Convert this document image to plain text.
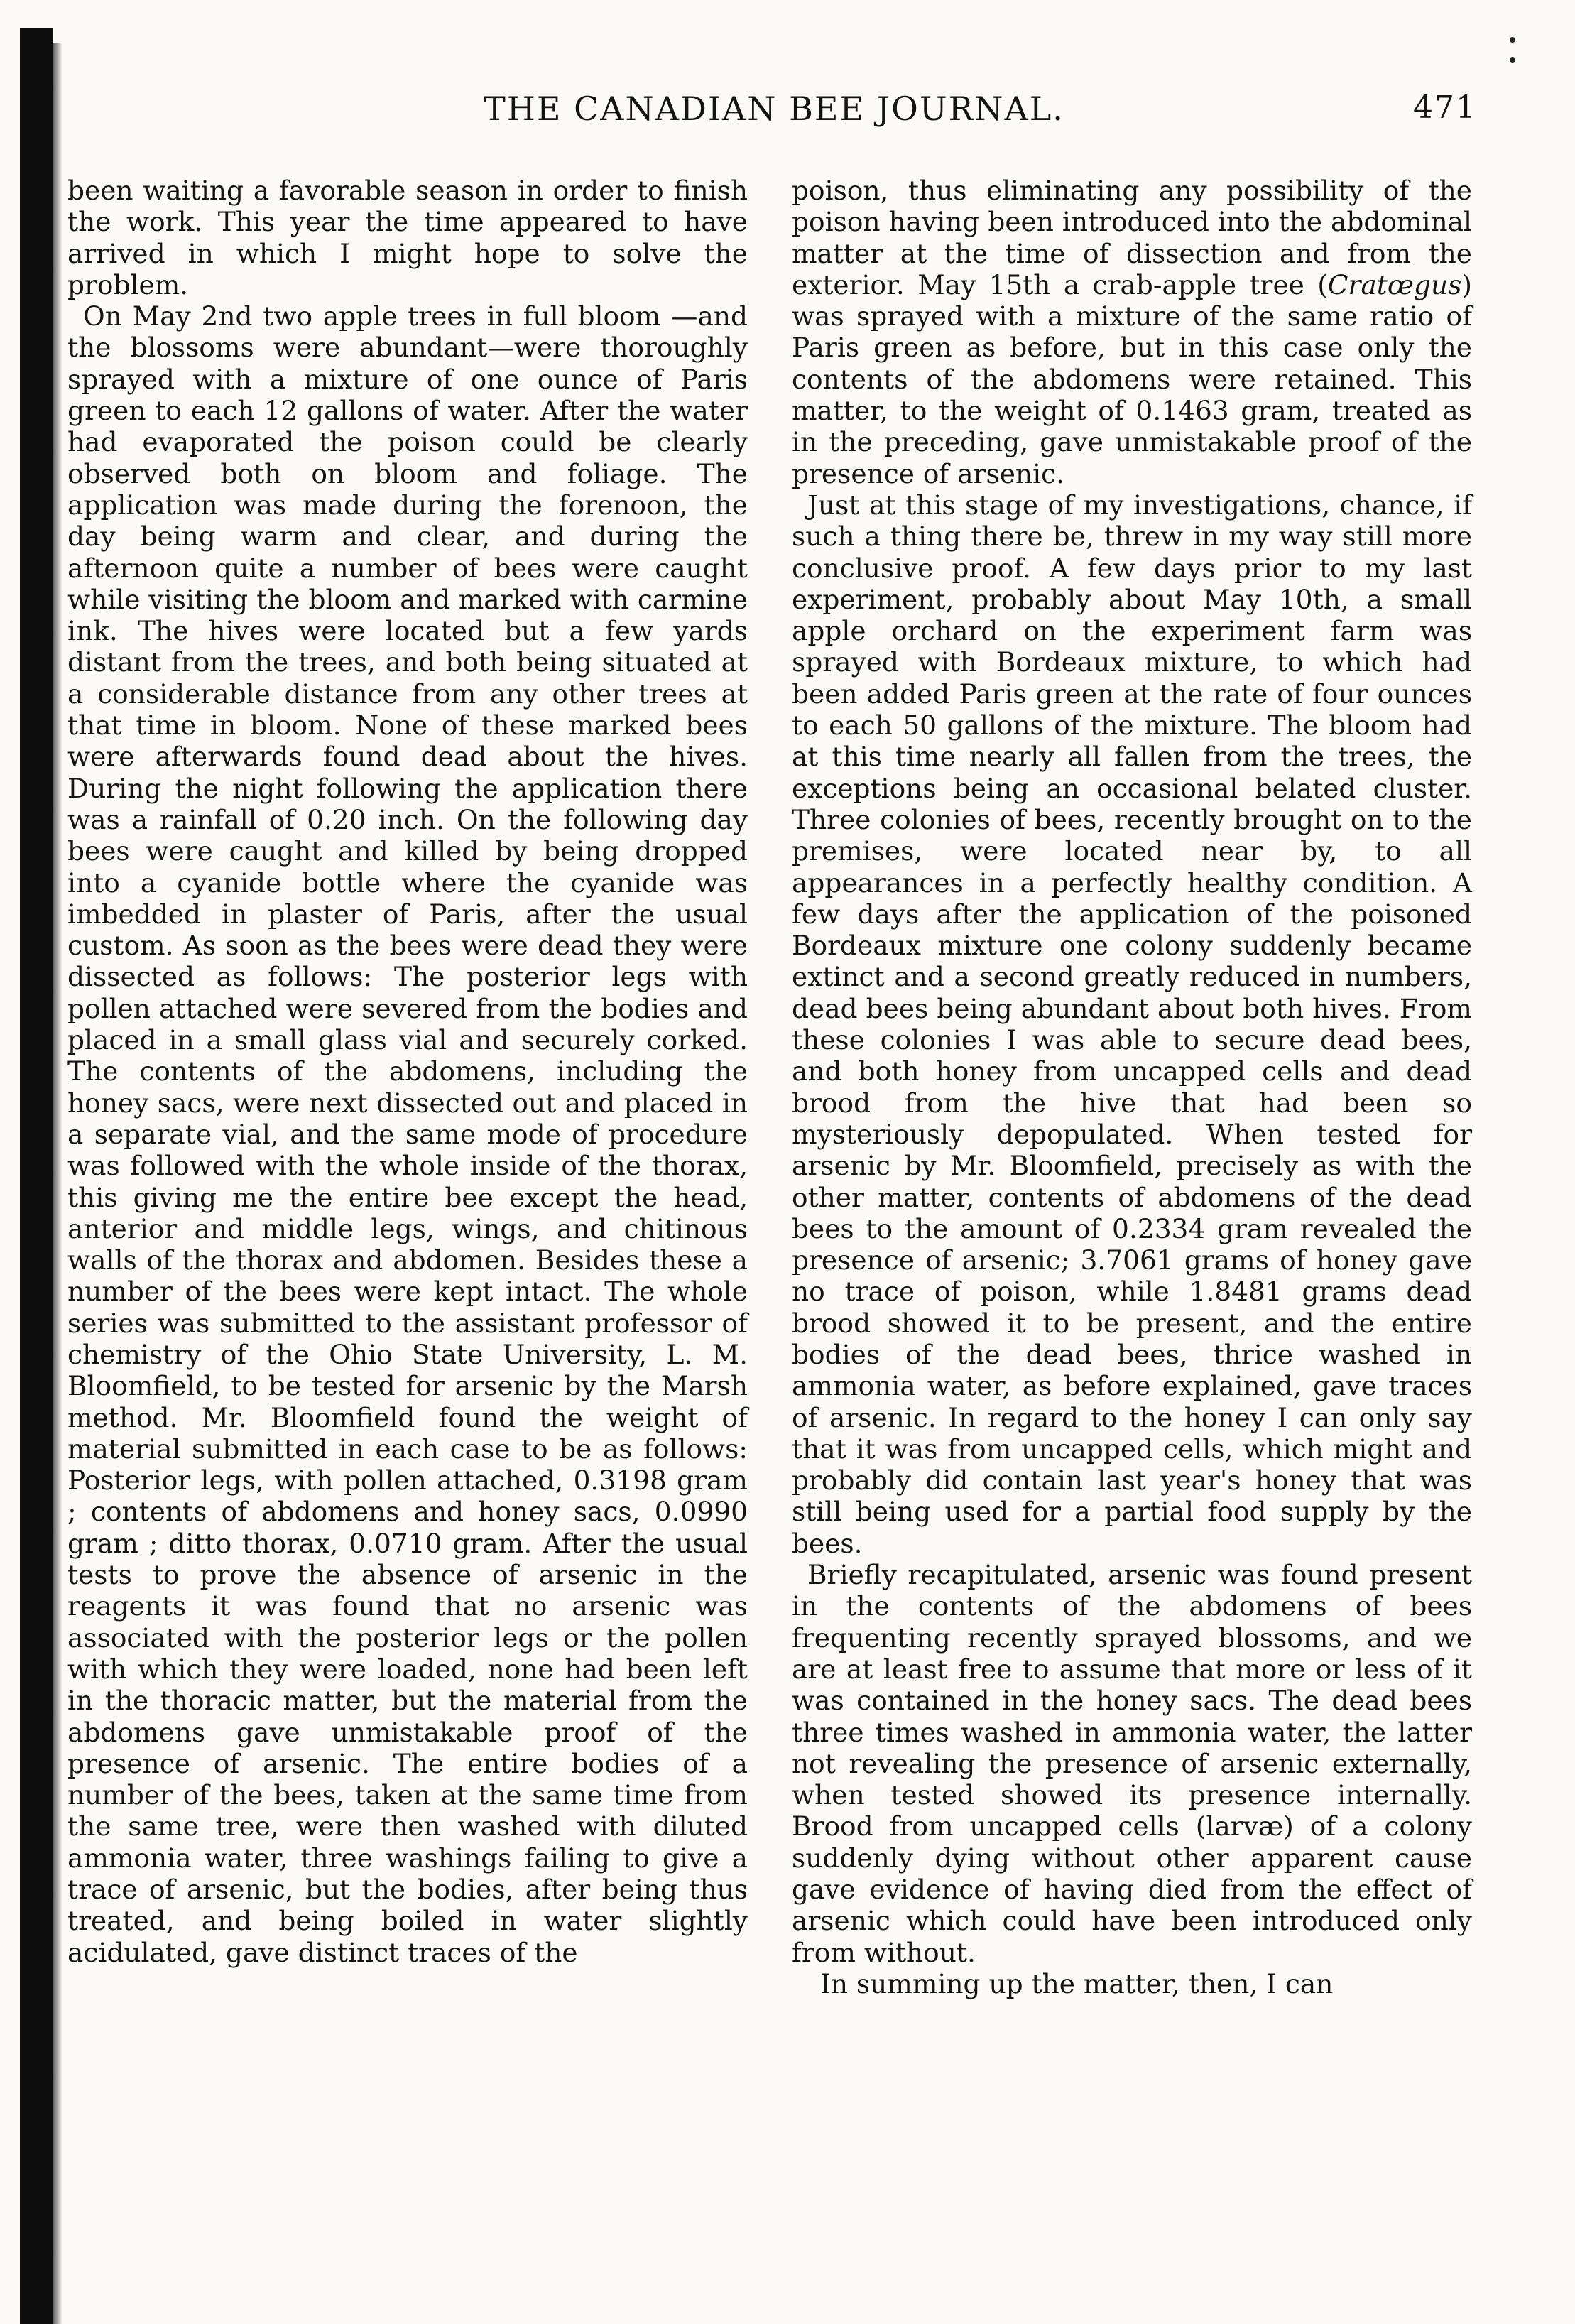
THE CANADIAN BEE JOURNAL.	471

been waiting a favorable season in order to finish the work. This year the time appeared to have arrived in which I might hope to solve the problem.

On May 2nd two apple trees in full bloom —and the blossoms were abundant—were thoroughly sprayed with a mixture of one ounce of Paris green to each 12 gallons of water. After the water had evaporated the poison could be clearly observed both on bloom and foliage. The application was made during the forenoon, the day being warm and clear, and during the afternoon quite a number of bees were caught while visiting the bloom and marked with carmine ink. The hives were located but a few yards distant from the trees, and both being situated at a considerable distance from any other trees at that time in bloom. None of these marked bees were afterwards found dead about the hives. During the night following the application there was a rainfall of 0.20 inch. On the following day bees were caught and killed by being dropped into a cyanide bottle where the cyanide was imbedded in plaster of Paris, after the usual custom. As soon as the bees were dead they were dissected as follows: The posterior legs with pollen attached were severed from the bodies and placed in a small glass vial and securely corked. The contents of the abdomens, including the honey sacs, were next dissected out and placed in a separate vial, and the same mode of procedure was followed with the whole inside of the thorax, this giving me the entire bee except the head, anterior and middle legs, wings, and chitinous walls of the thorax and abdomen. Besides these a number of the bees were kept intact. The whole series was submitted to the assistant professor of chemistry of the Ohio State University, L. M. Bloomfield, to be tested for arsenic by the Marsh method. Mr. Bloomfield found the weight of material submitted in each case to be as follows: Posterior legs, with pollen attached, 0.3198 gram ; contents of abdomens and honey sacs, 0.0990 gram ; ditto thorax, 0.0710 gram. After the usual tests to prove the absence of arsenic in the reagents it was found that no arsenic was associated with the posterior legs or the pollen with which they were loaded, none had been left in the thoracic matter, but the material from the abdomens gave unmistakable proof of the presence of arsenic. The entire bodies of a number of the bees, taken at the same time from the same tree, were then washed with diluted ammonia water, three washings failing to give a trace of arsenic, but the bodies, after being thus treated, and being boiled in water slightly acidulated, gave distinct traces of the

poison, thus eliminating any possibility of the poison having been introduced into the abdominal matter at the time of dissection and from the exterior. May 15th a crab-apple tree (Cratœgus) was sprayed with a mixture of the same ratio of Paris green as before, but in this case only the contents of the abdomens were retained. This matter, to the weight of 0.1463 gram, treated as in the preceding, gave unmistakable proof of the presence of arsenic.

Just at this stage of my investigations, chance, if such a thing there be, threw in my way still more conclusive proof. A few days prior to my last experiment, probably about May 10th, a small apple orchard on the experiment farm was sprayed with Bordeaux mixture, to which had been added Paris green at the rate of four ounces to each 50 gallons of the mixture. The bloom had at this time nearly all fallen from the trees, the exceptions being an occasional belated cluster. Three colonies of bees, recently brought on to the premises, were located near by, to all appearances in a perfectly healthy condition. A few days after the application of the poisoned Bordeaux mixture one colony suddenly became extinct and a second greatly reduced in numbers, dead bees being abundant about both hives. From these colonies I was able to secure dead bees, and both honey from uncapped cells and dead brood from the hive that had been so mysteriously depopulated. When tested for arsenic by Mr. Bloomfield, precisely as with the other matter, contents of abdomens of the dead bees to the amount of 0.2334 gram revealed the presence of arsenic; 3.7061 grams of honey gave no trace of poison, while 1.8481 grams dead brood showed it to be present, and the entire bodies of the dead bees, thrice washed in ammonia water, as before explained, gave traces of arsenic. In regard to the honey I can only say that it was from uncapped cells, which might and probably did contain last year's honey that was still being used for a partial food supply by the bees.

Briefly recapitulated, arsenic was found present in the contents of the abdomens of bees frequenting recently sprayed blossoms, and we are at least free to assume that more or less of it was contained in the honey sacs. The dead bees three times washed in ammonia water, the latter not revealing the presence of arsenic externally, when tested showed its presence internally. Brood from uncapped cells (larvæ) of a colony suddenly dying without other apparent cause gave evidence of having died from the effect of arsenic which could have been introduced only from without.

In summing up the matter, then, I can
